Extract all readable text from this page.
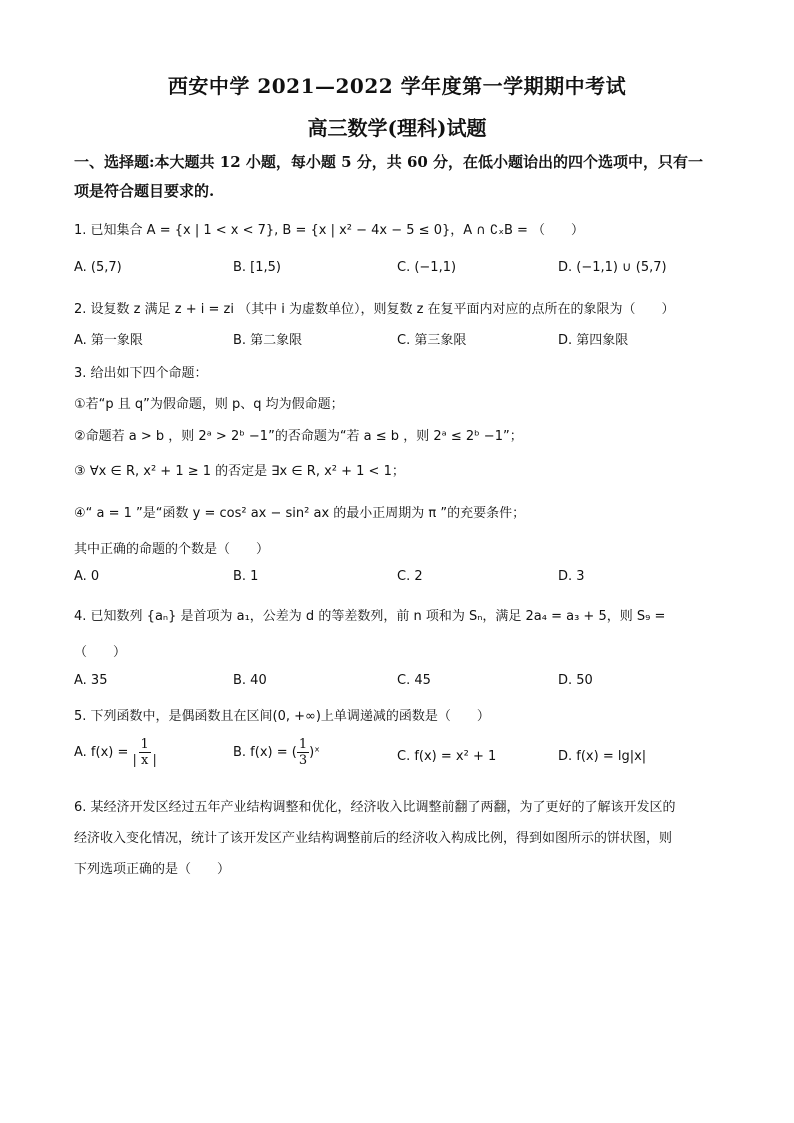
西安中学 2021—2022 学年度第一学期期中考试
高三数学(理科)试题
一、选择题:本大题共 12 小题，每小题 5 分，共 60 分，在低小题诒出的四个选项中，只有一
项是符合题目要求的.
1. 已知集合 A = {x | 1 < x < 7}, B = {x | x² − 4x − 5 ≤ 0}，A ∩ ∁ₓB = （　　）
A. (5,7)	B. [1,5)	C. (−1,1)	D. (−1,1) ∪ (5,7)
2. 设复数 z 满足 z + i = zi （其中 i 为虚数单位），则复数 z 在复平面内对应的点所在的象限为（　　）
A. 第一象限	B. 第二象限	C. 第三象限	D. 第四象限
3. 给出如下四个命题：
①若“p 且 q”为假命题，则 p、q 均为假命题；
②命题若 a > b ，则 2ᵃ > 2ᵇ −1”的否命题为“若 a ≤ b ，则 2ᵃ ≤ 2ᵇ −1”；
③ ∀x ∈ R, x² + 1 ≥ 1 的否定是 ∃x ∈ R, x² + 1 < 1；
④“ a = 1 ”是“函数 y = cos² ax − sin² ax 的最小正周期为 π ”的充要条件；
其中正确的命题的个数是（　　）
A. 0	B. 1	C. 2	D. 3
4. 已知数列 {aₙ} 是首项为 a₁，公差为 d 的等差数列，前 n 项和为 Sₙ，满足 2a₄ = a₃ + 5，则 S₉ =
（　　）
A. 35	B. 40	C. 45	D. 50
5. 下列函数中，是偶函数且在区间(0, +∞)上单调递减的函数是（　　）
A. $f(x) = \frac{1}{| x |}$	B. f(x) = ( $\frac{1}{3}$ )ˣ	C. f(x) = x² + 1	D. f(x) = lg|x|
6. 某经济开发区经过五年产业结构调整和优化，经济收入比调整前翻了两翻，为了更好的了解该开发区的
经济收入变化情况，统计了该开发区产业结构调整前后的经济收入构成比例，得到如图所示的饼状图，则
下列选项正确的是（　　）
